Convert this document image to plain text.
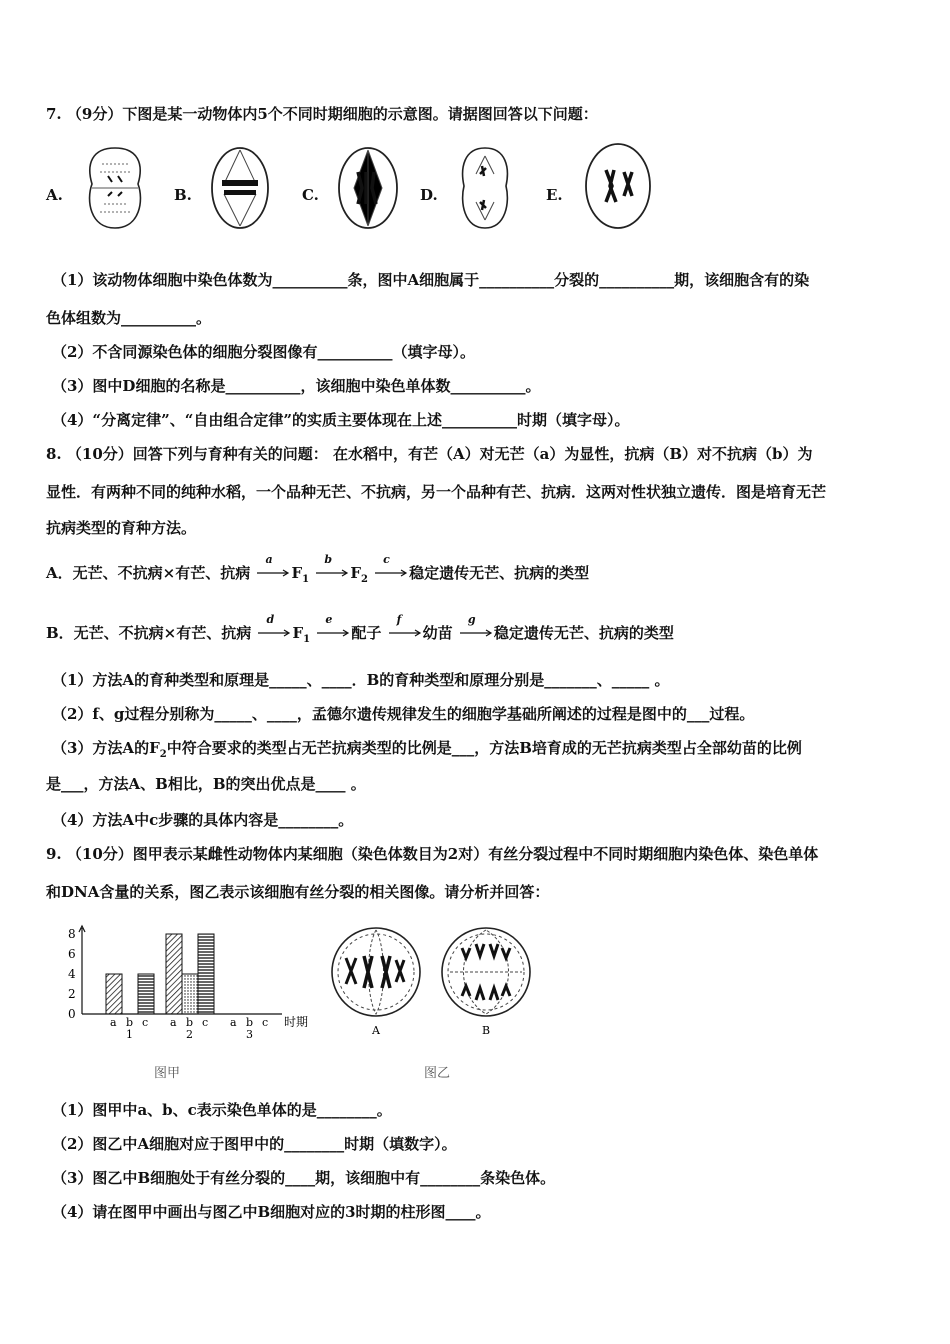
7. （9分）下图是某一动物体内5个不同时期细胞的示意图。请据图回答以下问题：
A.	B.	C.	D.	E.
（1）该动物体细胞中染色体数为__________条，图中A细胞属于__________分裂的__________期，该细胞含有的染
色体组数为__________。
（2）不含同源染色体的细胞分裂图像有__________（填字母）。
（3）图中D细胞的名称是__________，该细胞中染色单体数__________。
（4）“分离定律”、“自由组合定律”的实质主要体现在上述__________时期（填字母）。
8. （10分）回答下列与育种有关的问题： 在水稻中，有芒（A）对无芒（a）为显性，抗病（B）对不抗病（b）为
显性．有两种不同的纯种水稻，一个品种无芒、不抗病，另一个品种有芒、抗病．这两对性状独立遗传．图是培育无芒
抗病类型的育种方法。
A．无芒、不抗病×有芒、抗病
a
$F_1$
b
$F_2$
c
稳定遗传无芒、抗病的类型
B．无芒、不抗病×有芒、抗病
d
$F_1$
e
配子
f
幼苗
g
稳定遗传无芒、抗病的类型
（1）方法A的育种类型和原理是_____、____．B的育种类型和原理分别是_______、_____ 。
（2）f、g过程分别称为_____、____，孟德尔遗传规律发生的细胞学基础所阐述的过程是图中的___过程。
（3）方法A的$F_2$中符合要求的类型占无芒抗病类型的比例是___，方法B培育成的无芒抗病类型占全部幼苗的比例
是___，方法A、B相比，B的突出优点是____ 。
（4）方法A中c步骤的具体内容是________。
9. （10分）图甲表示某雌性动物体内某细胞（染色体数目为2对）有丝分裂过程中不同时期细胞内染色体、染色单体
和DNA含量的关系，图乙表示该细胞有丝分裂的相关图像。请分析并回答：
0
2
4
6
8
a b c
1
a b c
2
a b c
3
时期
A	B
图甲	图乙
（1）图甲中a、b、c表示染色单体的是________。
（2）图乙中A细胞对应于图甲中的________时期（填数字）。
（3）图乙中B细胞处于有丝分裂的____期，该细胞中有________条染色体。
（4）请在图甲中画出与图乙中B细胞对应的3时期的柱形图____。
